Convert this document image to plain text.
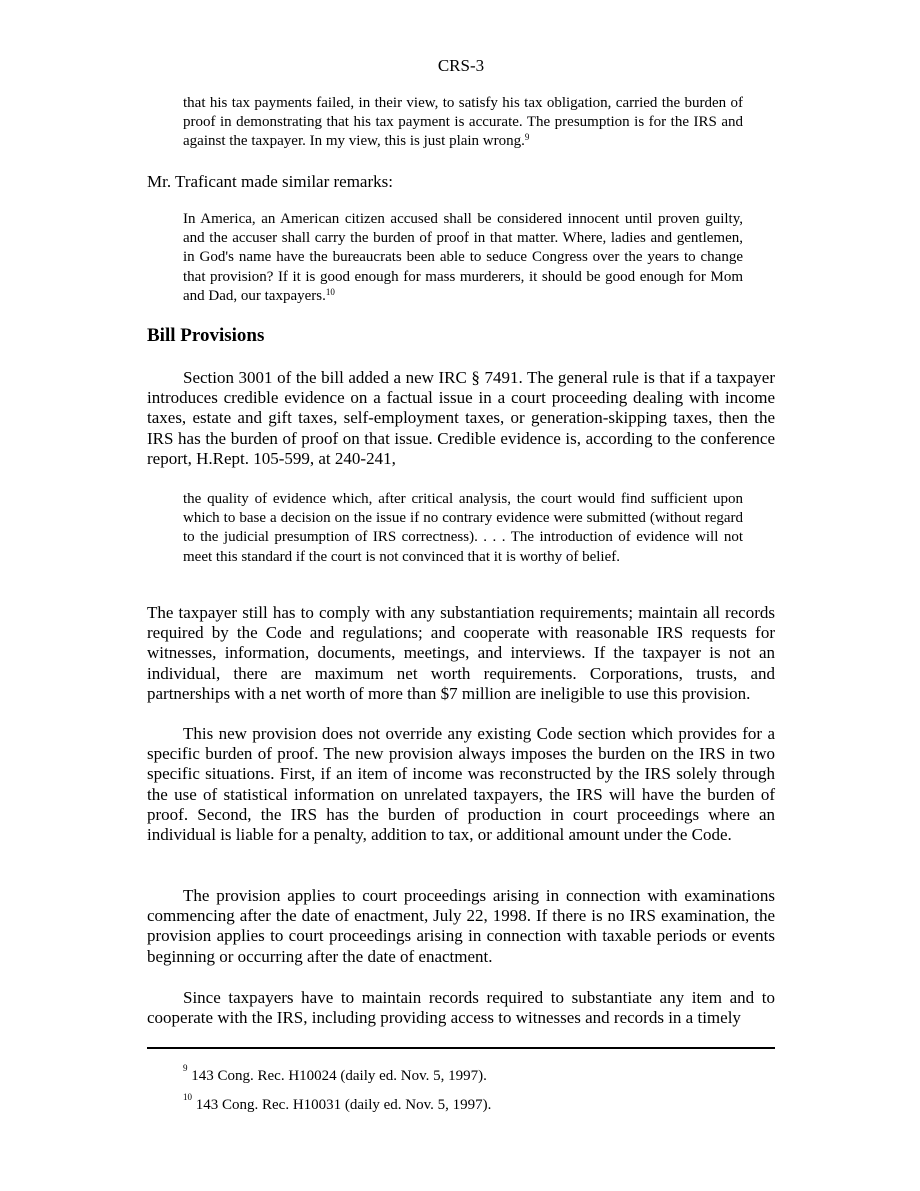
CRS-3
that his tax payments failed, in their view, to satisfy his tax obligation, carried the burden of proof in demonstrating that his tax payment is accurate. The presumption is for the IRS and against the taxpayer. In my view, this is just plain wrong.$^9$
Mr. Traficant made similar remarks:
In America, an American citizen accused shall be considered innocent until proven guilty, and the accuser shall carry the burden of proof in that matter. Where, ladies and gentlemen, in God's name have the bureaucrats been able to seduce Congress over the years to change that provision? If it is good enough for mass murderers, it should be good enough for Mom and Dad, our taxpayers.$^{10}$
Bill Provisions
Section 3001 of the bill added a new IRC § 7491. The general rule is that if a taxpayer introduces credible evidence on a factual issue in a court proceeding dealing with income taxes, estate and gift taxes, self-employment taxes, or generation-skipping taxes, then the IRS has the burden of proof on that issue. Credible evidence is, according to the conference report, H.Rept. 105-599, at 240-241,
the quality of evidence which, after critical analysis, the court would find sufficient upon which to base a decision on the issue if no contrary evidence were submitted (without regard to the judicial presumption of IRS correctness). . . . The introduction of evidence will not meet this standard if the court is not convinced that it is worthy of belief.
The taxpayer still has to comply with any substantiation requirements; maintain all records required by the Code and regulations; and cooperate with reasonable IRS requests for witnesses, information, documents, meetings, and interviews. If the taxpayer is not an individual, there are maximum net worth requirements. Corporations, trusts, and partnerships with a net worth of more than $7 million are ineligible to use this provision.
This new provision does not override any existing Code section which provides for a specific burden of proof. The new provision always imposes the burden on the IRS in two specific situations. First, if an item of income was reconstructed by the IRS solely through the use of statistical information on unrelated taxpayers, the IRS will have the burden of proof. Second, the IRS has the burden of production in court proceedings where an individual is liable for a penalty, addition to tax, or additional amount under the Code.
The provision applies to court proceedings arising in connection with examinations commencing after the date of enactment, July 22, 1998. If there is no IRS examination, the provision applies to court proceedings arising in connection with taxable periods or events beginning or occurring after the date of enactment.
Since taxpayers have to maintain records required to substantiate any item and to cooperate with the IRS, including providing access to witnesses and records in a timely
$^9$ 143 Cong. Rec. H10024 (daily ed. Nov. 5, 1997).
$^{10}$ 143 Cong. Rec. H10031 (daily ed. Nov. 5, 1997).
